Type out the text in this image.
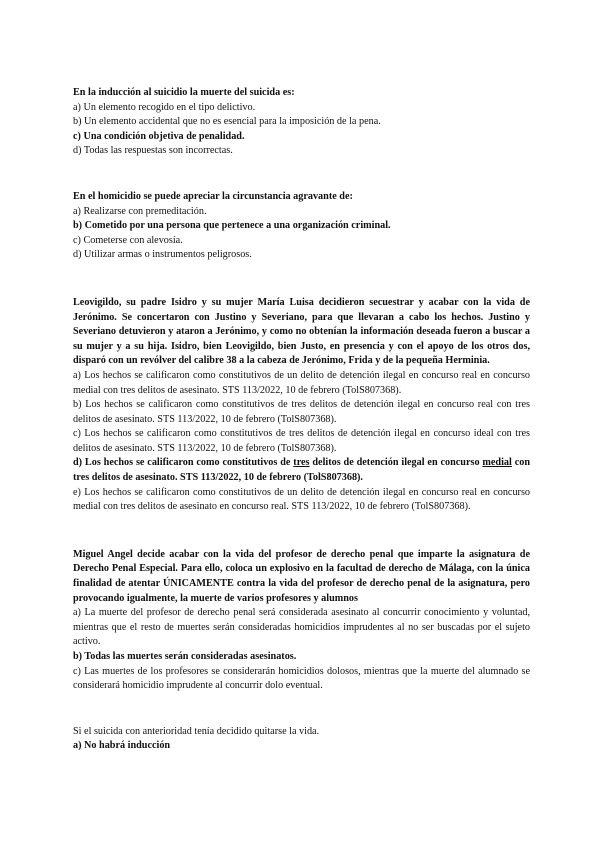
En la inducción al suicidio la muerte del suicida es:

a) Un elemento recogido en el tipo delictivo.

b) Un elemento accidental que no es esencial para la imposición de la pena.

c) Una condición objetiva de penalidad.

d) Todas las respuestas son incorrectas.

En el homicidio se puede apreciar la circunstancia agravante de:

a) Realizarse con premeditación.

b) Cometido por una persona que pertenece a una organización criminal.

c) Cometerse con alevosía.

d) Utilizar armas o instrumentos peligrosos.

Leovigildo, su padre Isidro y su mujer María Luisa decidieron secuestrar y acabar con la vida de Jerónimo. Se concertaron con Justino y Severiano, para que llevaran a cabo los hechos. Justino y Severiano detuvieron y ataron a Jerónimo, y como no obtenían la información deseada fueron a buscar a su mujer y a su hija. Isidro, bien Leovigildo, bien Justo, en presencia y con el apoyo de los otros dos, disparó con un revólver del calibre 38 a la cabeza de Jerónimo, Frida y de la pequeña Herminia.

a) Los hechos se calificaron como constitutivos de un delito de detención ilegal en concurso real en concurso medial con tres delitos de asesinato. STS 113/2022, 10 de febrero (TolS807368).

b) Los hechos se calificaron como constitutivos de tres delitos de detención ilegal en concurso real con tres delitos de asesinato. STS 113/2022, 10 de febrero (TolS807368).

c) Los hechos se calificaron como constitutivos de tres delitos de detención ilegal en concurso ideal con tres delitos de asesinato. STS 113/2022, 10 de febrero (TolS807368).

d) Los hechos se calificaron como constitutivos de tres delitos de detención ilegal en concurso medial con tres delitos de asesinato. STS 113/2022, 10 de febrero (TolS807368).

e) Los hechos se calificaron como constitutivos de un delito de detención ilegal en concurso real en concurso medial con tres delitos de asesinato en concurso real. STS 113/2022, 10 de febrero (TolS807368).

Miguel Angel decide acabar con la vida del profesor de derecho penal que imparte la asignatura de Derecho Penal Especial. Para ello, coloca un explosivo en la facultad de derecho de Málaga, con la única finalidad de atentar ÚNICAMENTE contra la vida del profesor de derecho penal de la asignatura, pero provocando igualmente, la muerte de varios profesores y alumnos

a) La muerte del profesor de derecho penal será considerada asesinato al concurrir conocimiento y voluntad, mientras que el resto de muertes serán consideradas homicidios imprudentes al no ser buscadas por el sujeto activo.

b) Todas las muertes serán consideradas asesinatos.

c) Las muertes de los profesores se considerarán homicidios dolosos, mientras que la muerte del alumnado se considerará homicidio imprudente al concurrir dolo eventual.

Si el suicida con anterioridad tenía decidido quitarse la vida.

a) No habrá inducción
